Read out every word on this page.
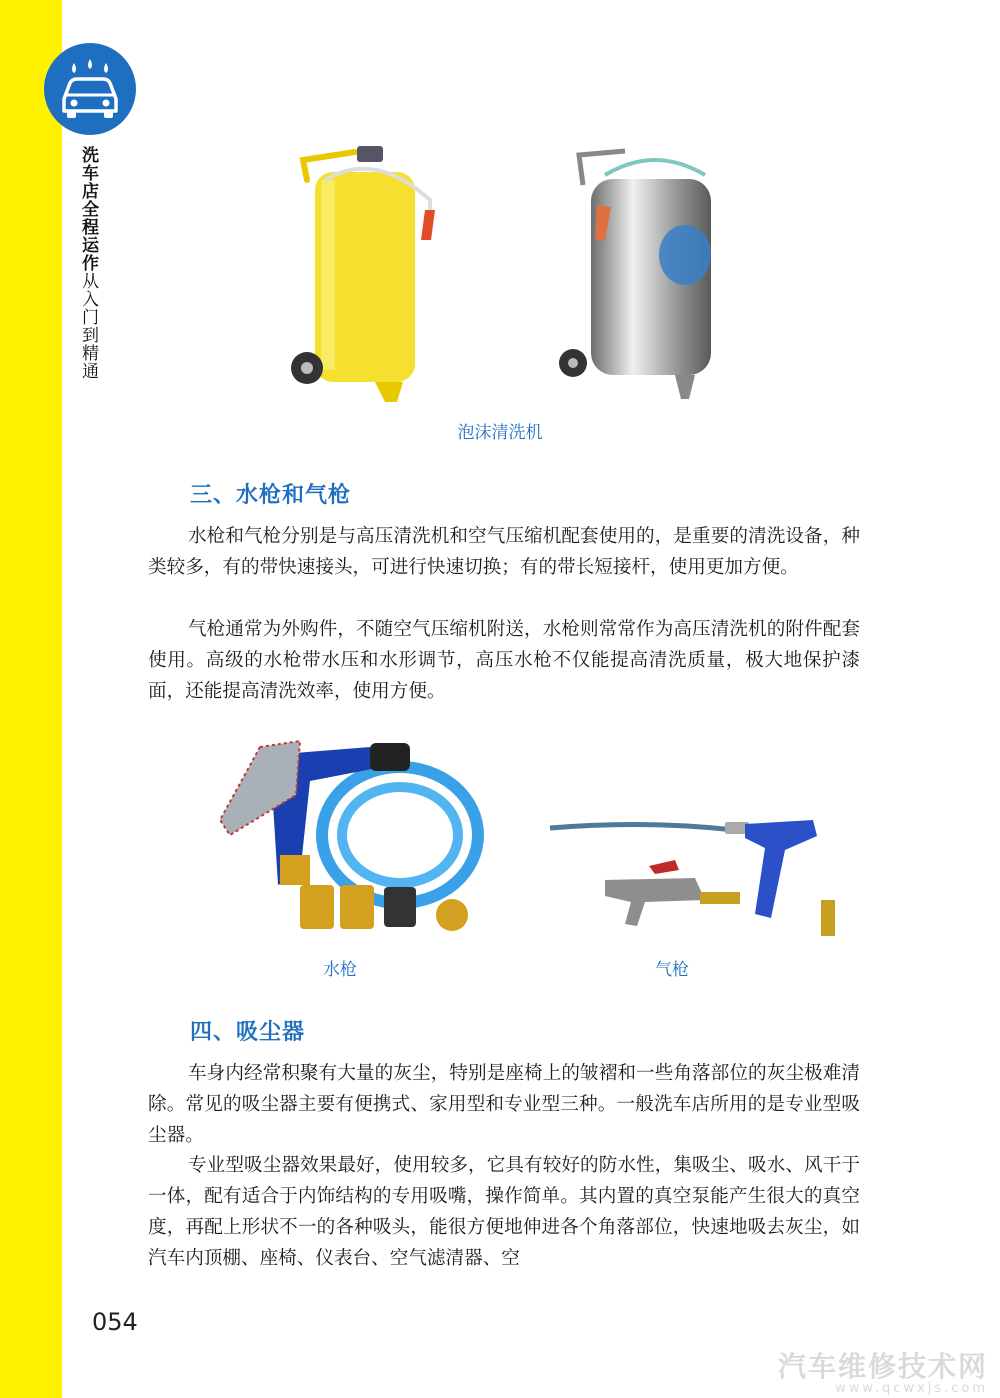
洗车店全程运作从入门到精通
泡沫清洗机
三、水枪和气枪

水枪和气枪分别是与高压清洗机和空气压缩机配套使用的，是重要的清洗设备，种类较多，有的带快速接头，可进行快速切换；有的带长短接杆，使用更加方便。

气枪通常为外购件，不随空气压缩机附送，水枪则常常作为高压清洗机的附件配套使用。高级的水枪带水压和水形调节，高压水枪不仅能提高清洗质量，极大地保护漆面，还能提高清洗效率，使用方便。

水枪	气枪
四、吸尘器

车身内经常积聚有大量的灰尘，特别是座椅上的皱褶和一些角落部位的灰尘极难清除。常见的吸尘器主要有便携式、家用型和专业型三种。一般洗车店所用的是专业型吸尘器。

专业型吸尘器效果最好，使用较多，它具有较好的防水性，集吸尘、吸水、风干于一体，配有适合于内饰结构的专用吸嘴，操作简单。其内置的真空泵能产生很大的真空度，再配上形状不一的各种吸头，能很方便地伸进各个角落部位，快速地吸去灰尘，如汽车内顶棚、座椅、仪表台、空气滤清器、空

054
汽车维修技术网
www.qcwxjs.com
